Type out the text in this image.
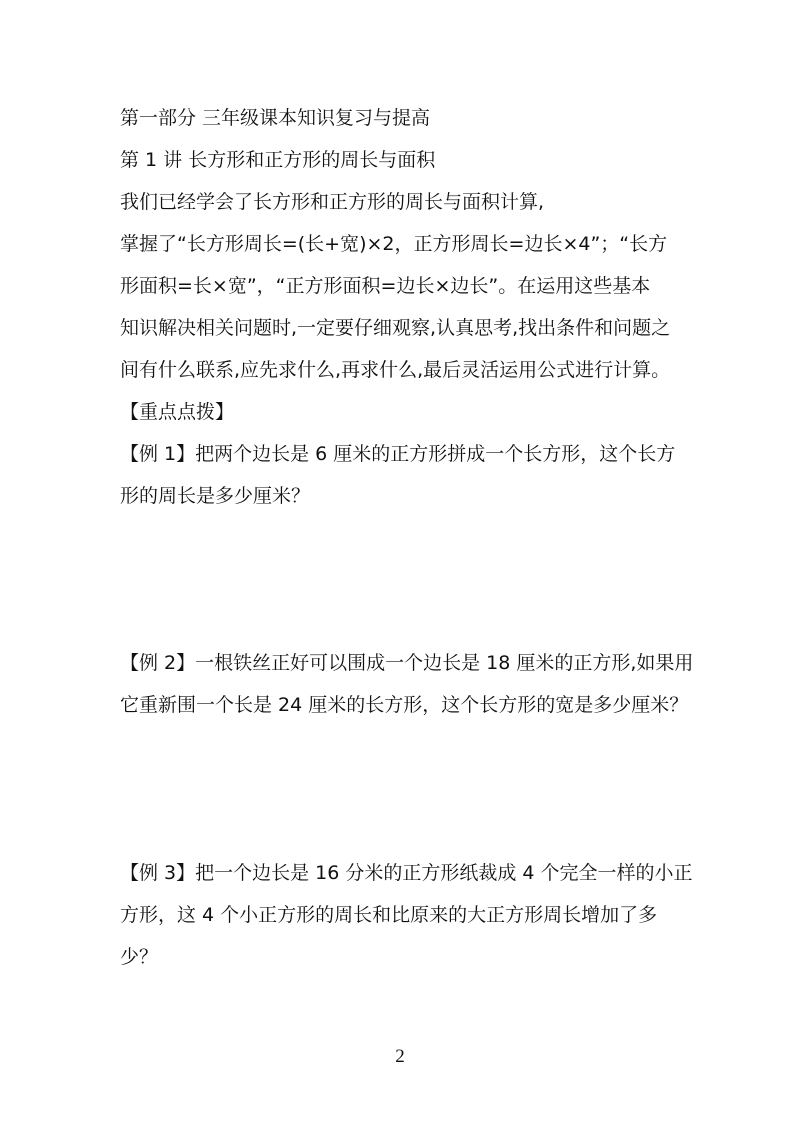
第一部分 三年级课本知识复习与提高
第 1 讲 长方形和正方形的周长与面积
我们已经学会了长方形和正方形的周长与面积计算,
掌握了“长方形周长=(长+宽)×2，正方形周长=边长×4”；“长方
形面积=长×宽”，“正方形面积=边长×边长”。在运用这些基本
知识解决相关问题时,一定要仔细观察,认真思考,找出条件和问题之
间有什么联系,应先求什么,再求什么,最后灵活运用公式进行计算。
【重点点拨】
【例 1】把两个边长是 6 厘米的正方形拼成一个长方形，这个长方
形的周长是多少厘米？
【例 2】一根铁丝正好可以围成一个边长是 18 厘米的正方形,如果用
它重新围一个长是 24 厘米的长方形，这个长方形的宽是多少厘米？
【例 3】把一个边长是 16 分米的正方形纸裁成 4 个完全一样的小正
方形，这 4 个小正方形的周长和比原来的大正方形周长增加了多
少？
2
